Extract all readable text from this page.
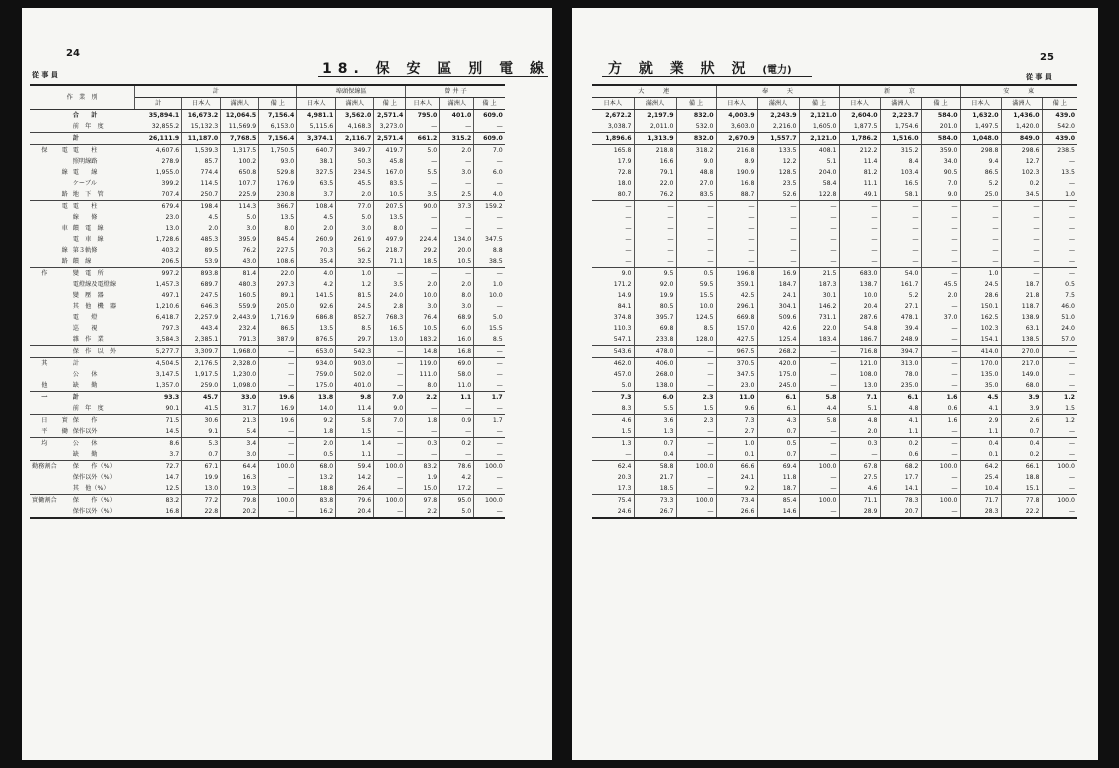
24
從 事 員	18. 保 安 區 別 電 線
作　業　別			計				埠頭保線區			曾 井 子		
			計	日本人	滿洲人	備 上	日本人	滿洲人	備 上	日本人	滿洲人	備 上
		合　　計	35,894.1	16,673.2	12,064.5	7,156.4	4,981.1	3,562.0	2,571.4	795.0	401.0	609.0
		前　年　度	32,855.2	15,132.3	11,569.9	6,153.0	5,115.6	4,168.3	3,273.0	—	—	—
		計	26,111.9	11,187.0	7,768.5	7,156.4	3,374.1	2,116.7	2,571.4	661.2	315.2	609.0
保	電	電　　柱	4,607.6	1,539.3	1,317.5	1,750.5	640.7	349.7	419.7	5.0	2.0	7.0
		照明線路	278.9	85.7	100.2	93.0	38.1	50.3	45.8	—	—	—
	線	電　　線	1,955.0	774.4	650.8	529.8	327.5	234.5	167.0	5.5	3.0	6.0
		ケーブル	399.2	114.5	107.7	176.9	63.5	45.5	83.5	—	—	—
	路	地　下　管	707.4	250.7	225.9	230.8	3.7	2.0	10.5	3.5	2.5	4.0
	電	電　　柱	679.4	198.4	114.3	366.7	108.4	77.0	207.5	90.0	37.3	159.2
		線　　條	23.0	4.5	5.0	13.5	4.5	5.0	13.5	—	—	—
	車	饋　電　線	13.0	2.0	3.0	8.0	2.0	3.0	8.0	—	—	—
		電　車　線	1,728.6	485.3	395.9	845.4	260.9	261.9	497.9	224.4	134.0	347.5
	線	第３軌條	403.2	89.5	76.2	227.5	70.3	56.2	218.7	29.2	20.0	8.8
	路	饋　線	206.5	53.9	43.0	108.6	35.4	32.5	71.1	18.5	10.5	38.5
作		變　電　所	997.2	893.8	81.4	22.0	4.0	1.0	—	—	—	—
		電燈線及電燈線	1,457.3	689.7	480.3	297.3	4.2	1.2	3.5	2.0	2.0	1.0
		變　壓　器	497.1	247.5	160.5	89.1	141.5	81.5	24.0	10.0	8.0	10.0
		其　他　機　器	1,210.6	646.3	559.9	205.0	92.6	24.5	2.8	3.0	3.0	—
		電　　燈	6,418.7	2,257.9	2,443.9	1,716.9	686.8	852.7	768.3	76.4	68.9	5.0
		巡　　視	797.3	443.4	232.4	86.5	13.5	8.5	16.5	10.5	6.0	15.5
		雜　作　業	3,584.3	2,385.1	791.3	387.9	876.5	29.7	13.0	183.2	16.0	8.5
		保　作　以　外	5,277.7	3,309.7	1,968.0	—	653.0	542.3	—	14.8	16.8	—
其		計	4,504.5	2,176.5	2,328.0	—	934.0	903.0	—	119.0	69.0	—
		公　　休	3,147.5	1,917.5	1,230.0	—	759.0	502.0	—	111.0	58.0	—
他		缺　　勤	1,357.0	259.0	1,098.0	—	175.0	401.0	—	8.0	11.0	—
一		計	93.3	45.7	33.0	19.6	13.8	9.8	7.0	2.2	1.1	1.7
		前　年　度	90.1	41.5	31.7	16.9	14.0	11.4	9.0	—	—	—
日	實	保　　作	71.5	30.6	21.3	19.6	9.2	5.8	7.0	1.8	0.9	1.7
平	働	保作以外	14.5	9.1	5.4	—	1.8	1.5	—	—	—	—
均		公　　休	8.6	5.3	3.4	—	2.0	1.4	—	0.3	0.2	—
		缺　　勤	3.7	0.7	3.0	—	0.5	1.1	—	—	—	—
勤務割合		保　　作（%）	72.7	67.1	64.4	100.0	68.0	59.4	100.0	83.2	78.6	100.0
		保作以外（%）	14.7	19.9	16.3	—	13.2	14.2	—	1.9	4.2	—
		其　他（%）	12.5	13.0	19.3	—	18.8	26.4	—	15.0	17.2	—
實働割合		保　　作（%）	83.2	77.2	79.8	100.0	83.8	79.6	100.0	97.8	95.0	100.0
		保作以外（%）	16.8	22.8	20.2	—	16.2	20.4	—	2.2	5.0	—
25
從 事 員
方 就 業 狀 況 (電力)
大　　　連			奉　　　天			新　　　京			安　　　東		
日本人	滿洲人	備 上	日本人	滿洲人	備 上	日本人	滿洲人	備 上	日本人	滿洲人	備 上
2,672.2	2,197.9	832.0	4,003.9	2,243.9	2,121.0	2,604.0	2,223.7	584.0	1,632.0	1,436.0	439.0
3,038.7	2,011.0	532.0	3,603.0	2,216.0	1,605.0	1,877.5	1,754.6	201.0	1,497.5	1,420.0	542.0
1,896.6	1,313.9	832.0	2,670.9	1,557.7	2,121.0	1,786.2	1,516.0	584.0	1,048.0	849.0	439.0
165.8	218.8	318.2	216.8	133.5	408.1	212.2	315.2	359.0	298.8	298.6	238.5
17.9	16.6	9.0	8.9	12.2	5.1	11.4	8.4	34.0	9.4	12.7	—
72.8	79.1	48.8	190.9	128.5	204.0	81.2	103.4	90.5	86.5	102.3	13.5
18.0	22.0	27.0	16.8	23.5	58.4	11.1	16.5	7.0	5.2	0.2	—
80.7	76.2	83.5	88.7	52.6	122.8	49.1	58.1	9.0	25.0	34.5	1.0
—	—	—	—	—	—	—	—	—	—	—	—
—	—	—	—	—	—	—	—	—	—	—	—
—	—	—	—	—	—	—	—	—	—	—	—
—	—	—	—	—	—	—	—	—	—	—	—
—	—	—	—	—	—	—	—	—	—	—	—
—	—	—	—	—	—	—	—	—	—	—	—
9.0	9.5	0.5	196.8	16.9	21.5	683.0	54.0	—	1.0	—	—
171.2	92.0	59.5	359.1	184.7	187.3	138.7	161.7	45.5	24.5	18.7	0.5
14.9	19.9	15.5	42.5	24.1	30.1	10.0	5.2	2.0	28.6	21.8	7.5
84.1	80.5	10.0	296.1	304.1	146.2	20.4	27.1	—	150.1	118.7	46.0
374.8	395.7	124.5	669.8	509.6	731.1	287.6	478.1	37.0	162.5	138.9	51.0
110.3	69.8	8.5	157.0	42.6	22.0	54.8	39.4	—	102.3	63.1	24.0
547.1	233.8	128.0	427.5	125.4	183.4	186.7	248.9	—	154.1	138.5	57.0
543.6	478.0	—	967.5	268.2	—	716.8	394.7	—	414.0	270.0	—
462.0	406.0	—	370.5	420.0	—	121.0	313.0	—	170.0	217.0	—
457.0	268.0	—	347.5	175.0	—	108.0	78.0	—	135.0	149.0	—
5.0	138.0	—	23.0	245.0	—	13.0	235.0	—	35.0	68.0	—
7.3	6.0	2.3	11.0	6.1	5.8	7.1	6.1	1.6	4.5	3.9	1.2
8.3	5.5	1.5	9.6	6.1	4.4	5.1	4.8	0.6	4.1	3.9	1.5
4.6	3.6	2.3	7.3	4.3	5.8	4.8	4.1	1.6	2.9	2.6	1.2
1.5	1.3	—	2.7	0.7	—	2.0	1.1	—	1.1	0.7	—
1.3	0.7	—	1.0	0.5	—	0.3	0.2	—	0.4	0.4	—
—	0.4	—	0.1	0.7	—	—	0.6	—	0.1	0.2	—
62.4	58.8	100.0	66.6	69.4	100.0	67.8	68.2	100.0	64.2	66.1	100.0
20.3	21.7	—	24.1	11.8	—	27.5	17.7	—	25.4	18.8	—
17.3	18.5	—	9.2	18.7	—	4.6	14.1	—	10.4	15.1	—
75.4	73.3	100.0	73.4	85.4	100.0	71.1	78.3	100.0	71.7	77.8	100.0
24.6	26.7	—	26.6	14.6	—	28.9	20.7	—	28.3	22.2	—
